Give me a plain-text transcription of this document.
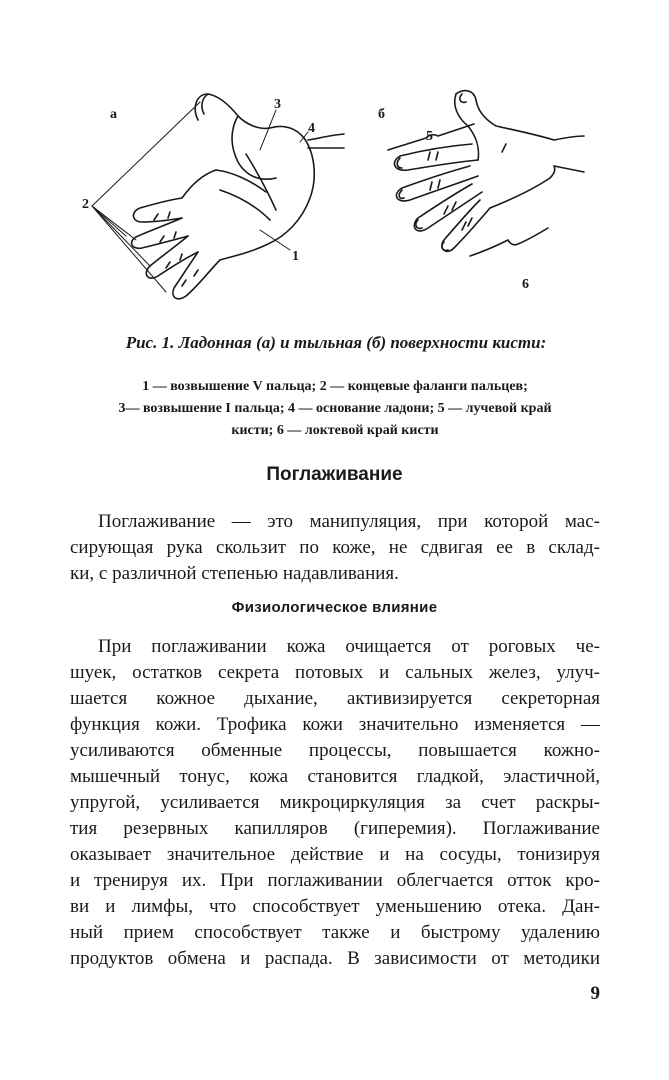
а	б
2
3
4
1
5
6

Рис. 1. Ладонная (а) и тыльная (б) поверхности кисти:

1 — возвышение V пальца; 2 — концевые фаланги пальцев;
3— возвышение I пальца; 4 — основание ладони; 5 — лучевой край
кисти; 6 — локтевой край кисти

Поглаживание

Поглаживание — это манипуляция, при которой мас-
сирующая рука скользит по коже, не сдвигая ее в склад-
ки, с различной степенью надавливания.

Физиологическое влияние

При поглаживании кожа очищается от роговых че-
шуек, остатков секрета потовых и сальных желез, улуч-
шается кожное дыхание, активизируется секреторная
функция кожи. Трофика кожи значительно изменяется —
усиливаются обменные процессы, повышается кожно-
мышечный тонус, кожа становится гладкой, эластичной,
упругой, усиливается микроциркуляция за счет раскры-
тия резервных капилляров (гиперемия). Поглаживание
оказывает значительное действие и на сосуды, тонизируя
и тренируя их. При поглаживании облегчается отток кро-
ви и лимфы, что способствует уменьшению отека. Дан-
ный прием способствует также и быстрому удалению
продуктов обмена и распада. В зависимости от методики

9
